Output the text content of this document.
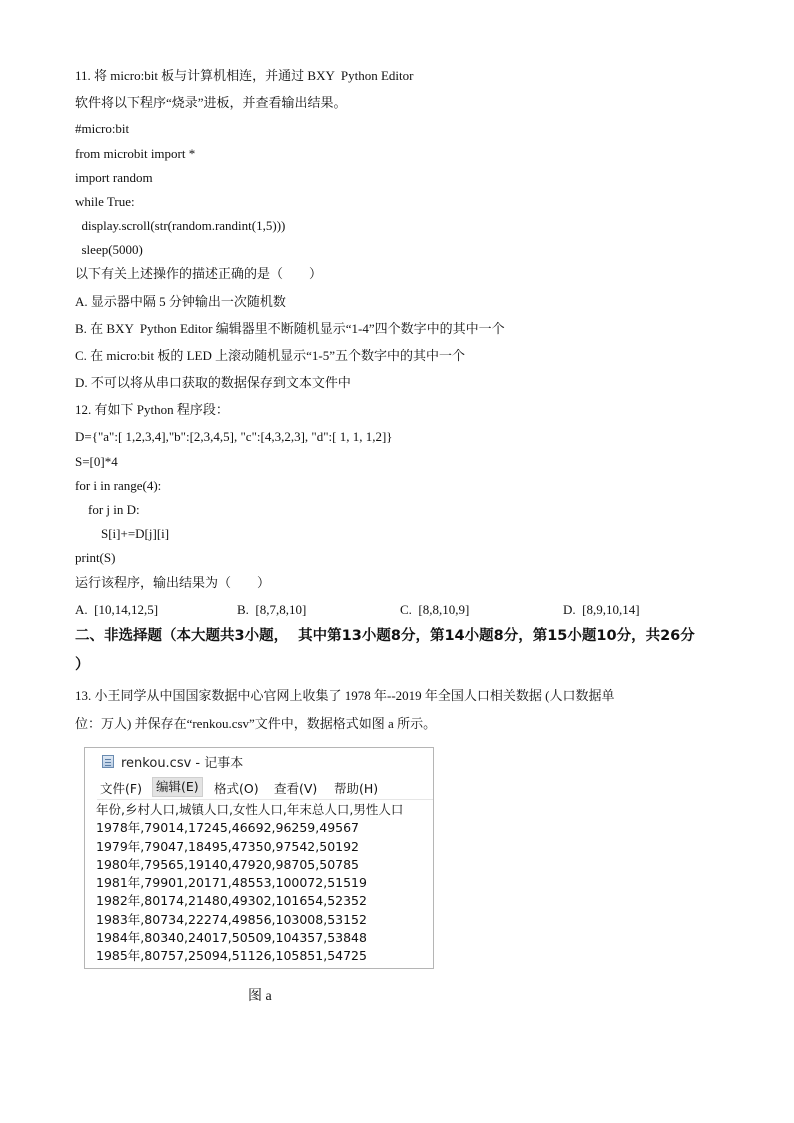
11. 将 micro:bit 板与计算机相连，并通过 BXY  Python Editor
软件将以下程序“烧录”进板，并查看输出结果。
#micro:bit
from microbit import *
import random
while True:
display.scroll(str(random.randint(1,5)))
sleep(5000)
以下有关上述操作的描述正确的是（        ）
A. 显示器中隔 5 分钟输出一次随机数
B. 在 BXY  Python Editor 编辑器里不断随机显示“1-4”四个数字中的其中一个
C. 在 micro:bit 板的 LED 上滚动随机显示“1-5”五个数字中的其中一个
D. 不可以将从串口获取的数据保存到文本文件中
12. 有如下 Python 程序段：
D={"a":[ 1,2,3,4],"b":[2,3,4,5], "c":[4,3,2,3], "d":[ 1, 1, 1,2]}
S=[0]*4
for i in range(4):
for j in D:
S[i]+=D[j][i]
print(S)
运行该程序，输出结果为（        ）
A.  [10,14,12,5]	B.  [8,7,8,10]	C.  [8,8,10,9]	D.  [8,9,10,14]
二、非选择题（本大题共3小题，  其中第13小题8分，第14小题8分，第15小题10分，共26分
）
13. 小王同学从中国国家数据中心官网上收集了 1978 年--2019 年全国人口相关数据 (人口数据单
位：万人) 并保存在“renkou.csv”文件中，数据格式如图 a 所示。
renkou.csv - 记事本
文件(F)	编辑(E)	格式(O) 查看(V) 帮助(H)
年份,乡村人口,城镇人口,女性人口,年末总人口,男性人口
1978年,79014,17245,46692,96259,49567
1979年,79047,18495,47350,97542,50192
1980年,79565,19140,47920,98705,50785
1981年,79901,20171,48553,100072,51519
1982年,80174,21480,49302,101654,52352
1983年,80734,22274,49856,103008,53152
1984年,80340,24017,50509,104357,53848
1985年,80757,25094,51126,105851,54725
图 a
